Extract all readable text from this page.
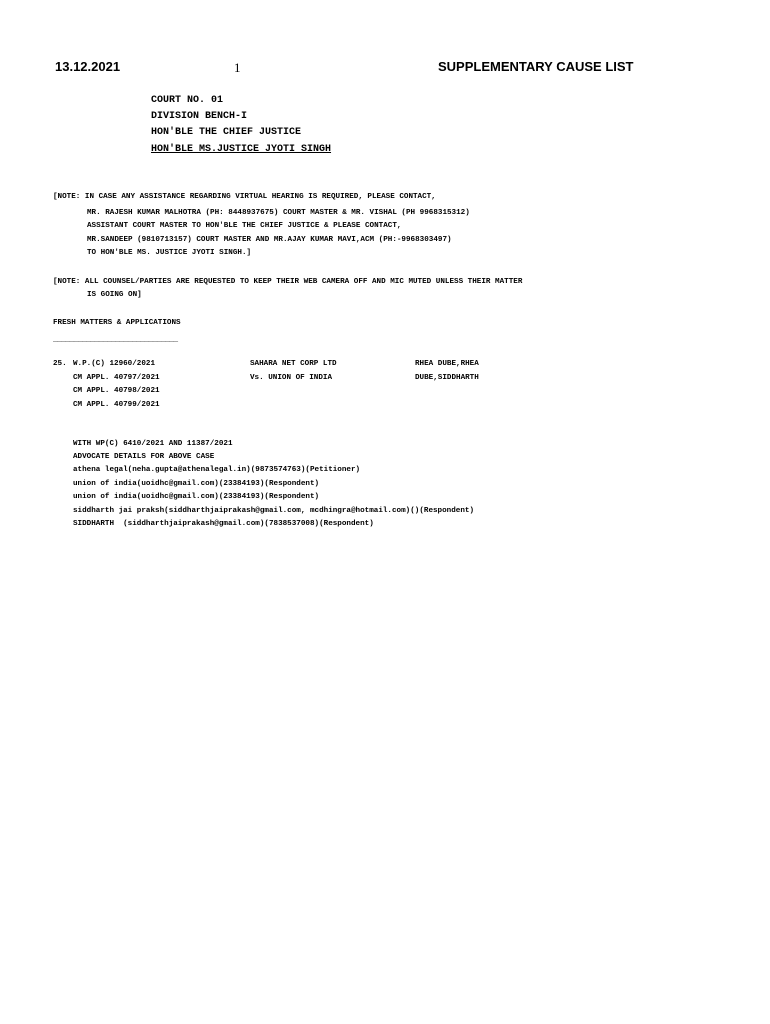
13.12.2021	1	SUPPLEMENTARY CAUSE LIST
COURT NO. 01
DIVISION BENCH-I
HON'BLE THE CHIEF JUSTICE
HON'BLE MS.JUSTICE JYOTI SINGH
[NOTE: IN CASE ANY ASSISTANCE REGARDING VIRTUAL HEARING IS REQUIRED, PLEASE CONTACT,
MR. RAJESH KUMAR MALHOTRA (PH: 8448937675) COURT MASTER & MR. VISHAL (PH 9968315312)
ASSISTANT COURT MASTER TO HON'BLE THE CHIEF JUSTICE & PLEASE CONTACT,
MR.SANDEEP (9810713157) COURT MASTER AND MR.AJAY KUMAR MAVI,ACM (PH:-9968303497)
TO HON'BLE MS. JUSTICE JYOTI SINGH.]
[NOTE: ALL COUNSEL/PARTIES ARE REQUESTED TO KEEP THEIR WEB CAMERA OFF AND MIC MUTED UNLESS THEIR MATTER
IS GOING ON]
FRESH MATTERS & APPLICATIONS
______________________________
25. W.P.(C) 12960/2021
CM APPL. 40797/2021
CM APPL. 40798/2021
CM APPL. 40799/2021
SAHARA NET CORP LTD
Vs. UNION OF INDIA
RHEA DUBE,RHEA
DUBE,SIDDHARTH
WITH WP(C) 6410/2021 AND 11387/2021
ADVOCATE DETAILS FOR ABOVE CASE
athena legal(neha.gupta@athenalegal.in)(9873574763)(Petitioner)
union of india(uoidhc@gmail.com)(23384193)(Respondent)
union of india(uoidhc@gmail.com)(23384193)(Respondent)
siddharth jai praksh(siddharthjaiprakash@gmail.com, mcdhingra@hotmail.com)()(Respondent)
SIDDHARTH  (siddharthjaiprakash@gmail.com)(7838537008)(Respondent)
